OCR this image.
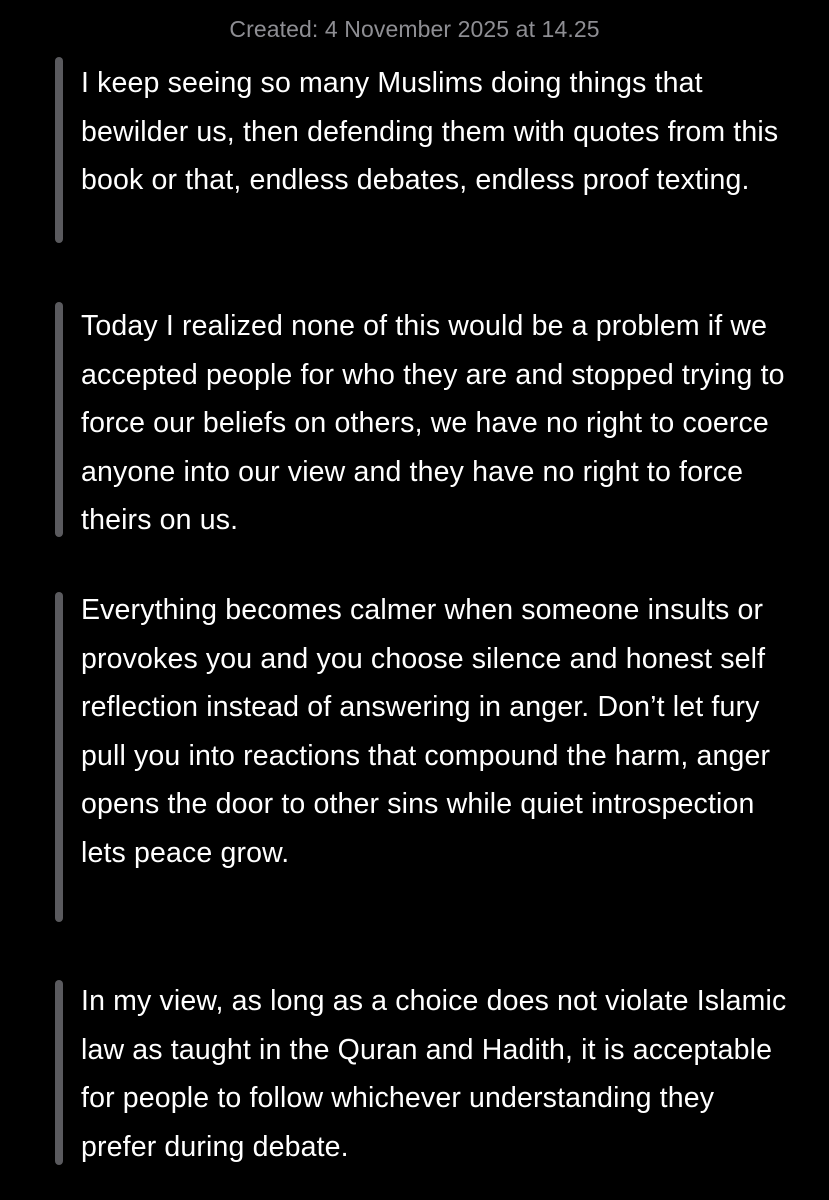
Created: 4 November 2025 at 14.25

I keep seeing so many Muslims doing things that bewilder us, then defending them with quotes from this book or that, endless debates, endless proof texting.

Today I realized none of this would be a problem if we accepted people for who they are and stopped trying to force our beliefs on others, we have no right to coerce anyone into our view and they have no right to force theirs on us.

Everything becomes calmer when someone insults or provokes you and you choose silence and honest self reflection instead of answering in anger. Don’t let fury pull you into reactions that compound the harm, anger opens the door to other sins while quiet introspection lets peace grow.

In my view, as long as a choice does not violate Islamic law as taught in the Quran and Hadith, it is acceptable for people to follow whichever understanding they prefer during debate.
